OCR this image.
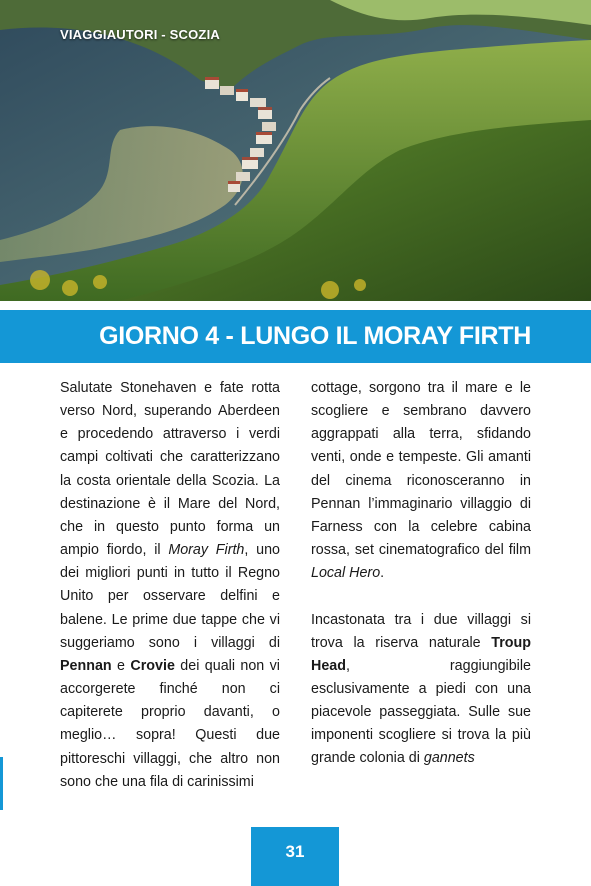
VIAGGIAUTORI - SCOZIA
GIORNO 4 - LUNGO IL MORAY FIRTH

Salutate Stonehaven e fate rotta verso Nord, superando Aberdeen e procedendo attraverso i verdi campi coltivati che caratterizzano la costa orientale della Scozia. La destinazione è il Mare del Nord, che in questo punto forma un ampio fiordo, il Moray Firth, uno dei migliori punti in tutto il Regno Unito per osservare delfini e balene. Le prime due tappe che vi suggeriamo sono i villaggi di Pennan e Crovie dei quali non vi accorgerete finché non ci capiterete proprio davanti, o meglio… sopra! Questi due pittoreschi villaggi, che altro non sono che una fila di carinissimi

cottage, sorgono tra il mare e le scogliere e sembrano davvero aggrappati alla terra, sfidando venti, onde e tempeste. Gli amanti del cinema riconosceranno in Pennan l’immaginario villaggio di Farness con la celebre cabina rossa, set cinematografico del film Local Hero.

Incastonata tra i due villaggi si trova la riserva naturale Troup Head, raggiungibile esclusivamente a piedi con una piacevole passeggiata. Sulle sue imponenti scogliere si trova la più grande colonia di gannets

31
